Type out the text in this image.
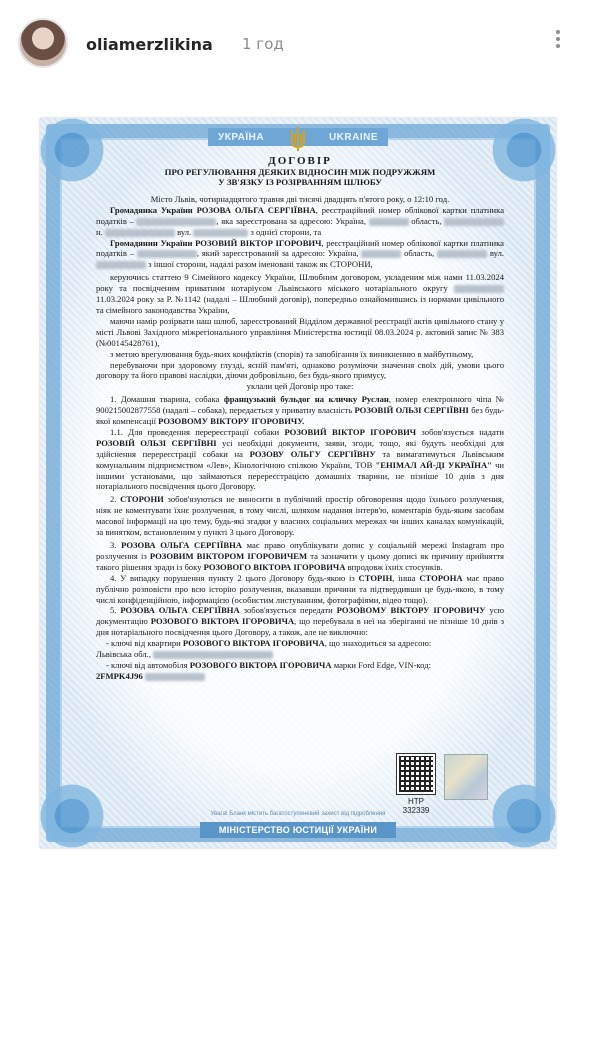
oliamerzlikina 1 год
УКРАЇНА	UKRAINE
ДОГОВІР
ПРО РЕГУЛЮВАННЯ ДЕЯКИХ ВІДНОСИН МІЖ ПОДРУЖЖЯМ
У ЗВ'ЯЗКУ ІЗ РОЗІРВАННЯМ ШЛЮБУ

Місто Львів, чотирнадцятого травня дві тисячі двадцять п'ятого року, о 12:10 год.

Громадянка України РОЗОВА ОЛЬГА СЕРГІЇВНА, реєстраційний номер облікової картки платника податків –	, яка зареєстрована за адресою: Україна,	область,  н.	вул.	з однієї сторони, та

Громадянин України РОЗОВИЙ ВІКТОР ІГОРОВИЧ, реєстраційний номер облікової картки платника податків –	, який зареєстрований за адресою: Україна,	область,	вул.  з іншої сторони, надалі разом іменовані також як СТОРОНИ,

керуючись статтею 9 Сімейного кодексу України, Шлюбним договором, укладеним між нами 11.03.2024 року та посвідченим приватним нотаріусом Львівського міського нотаріального округу  11.03.2024 року за Р. №1142 (надалі – Шлюбний договір), попередньо ознайомившись із нормами цивільного та сімейного законодавства України,

маючи намір розірвати наш шлюб, зареєстрований Відділом державної реєстрації актів цивільного стану у місті Львові Західного міжрегіонального управління Міністерства юстиції 08.03.2024 р. актовий запис № 383 (№00145428761),

з метою врегулювання будь-яких конфліктів (спорів) та запобігання їх виникненню в майбутньому,

перебуваючи при здоровому глузді, ясній пам'яті, однаково розуміючи значення своїх дій, умови цього договору та його правові наслідки, діючи добровільно, без будь-якого примусу,

уклали цей Договір про таке:

1. Домашня тварина, собака французький бульдог на кличку Руслан, номер електронного чіпа № 900215002877558 (надалі – собака), передається у приватну власність РОЗОВІЙ ОЛЬЗІ СЕРГІЇВНІ без будь-якої компенсації РОЗОВОМУ ВІКТОРУ ІГОРОВИЧУ.

1.1. Для проведення перереєстрації собаки РОЗОВИЙ ВІКТОР ІГОРОВИЧ зобов'язується надати РОЗОВІЙ ОЛЬЗІ СЕРГІЇВНІ усі необхідні документи, заяви, згоди, тощо, які будуть необхідні для здійснення перереєстрації собаки на РОЗОВУ ОЛЬГУ СЕРГІЇВНУ та вимагатимуться Львівським комунальним підприємством «Лев», Кінологічною спілкою України, ТОВ "ЕНІМАЛ АЙ-ДІ УКРАЇНА" чи іншими установами, що займаються перереєстрацією домашніх тварини, не пізніше 10 днів з дня нотаріального посвідчення цього Договору.

2. СТОРОНИ зобов'язуються не виносити в публічний простір обговорення щодо їхнього розлучення, ніяк не коментувати їхнє розлучення, в тому числі, шляхом надання інтерв'ю, коментарів будь-яким засобам масової інформації на цю тему, будь-які згадки у власних соціальних мережах чи інших каналах комунікацій, за винятком, встановленим у пункті 3 цього Договору.

3. РОЗОВА ОЛЬГА СЕРГІЇВНА має право опублікувати допис у соціальній мережі Instagram про розлучення із РОЗОВИМ ВІКТОРОМ ІГОРОВИЧЕМ та зазначити у цьому дописі як причину прийняття такого рішення зради із боку РОЗОВОГО ВІКТОРА ІГОРОВИЧА впродовж їхніх стосунків.

4. У випадку порушення пункту 2 цього Договору будь-якою із СТОРІН, інша СТОРОНА має право публічно розповісти про всю історію розлучення, вказавши причини та підтвердивши це будь-якою, в тому числі конфіденційною, інформацією (особистим листуванням, фотографіями, відео тощо).

5. РОЗОВА ОЛЬГА СЕРГІЇВНА зобов'язується передати РОЗОВОМУ ВІКТОРУ ІГОРОВИЧУ усю документацію РОЗОВОГО ВІКТОРА ІГОРОВИЧА, що перебувала в неї на зберіганні не пізніше 10 днів з дня нотаріального посвідчення цього Договору, а також, але не виключно:

- ключі від квартири РОЗОВОГО ВІКТОРА ІГОРОВИЧА, що знаходиться за адресою:
Львівська обл.,

- ключі від автомобіля РОЗОВОГО ВІКТОРА ІГОРОВИЧА марки Ford Edge, VIN-код:
2FMPK4J96

НТР
332339
Увага! Бланк містить багатоступеневий захист від підроблення
МІНІСТЕРСТВО ЮСТИЦІЇ УКРАЇНИ
